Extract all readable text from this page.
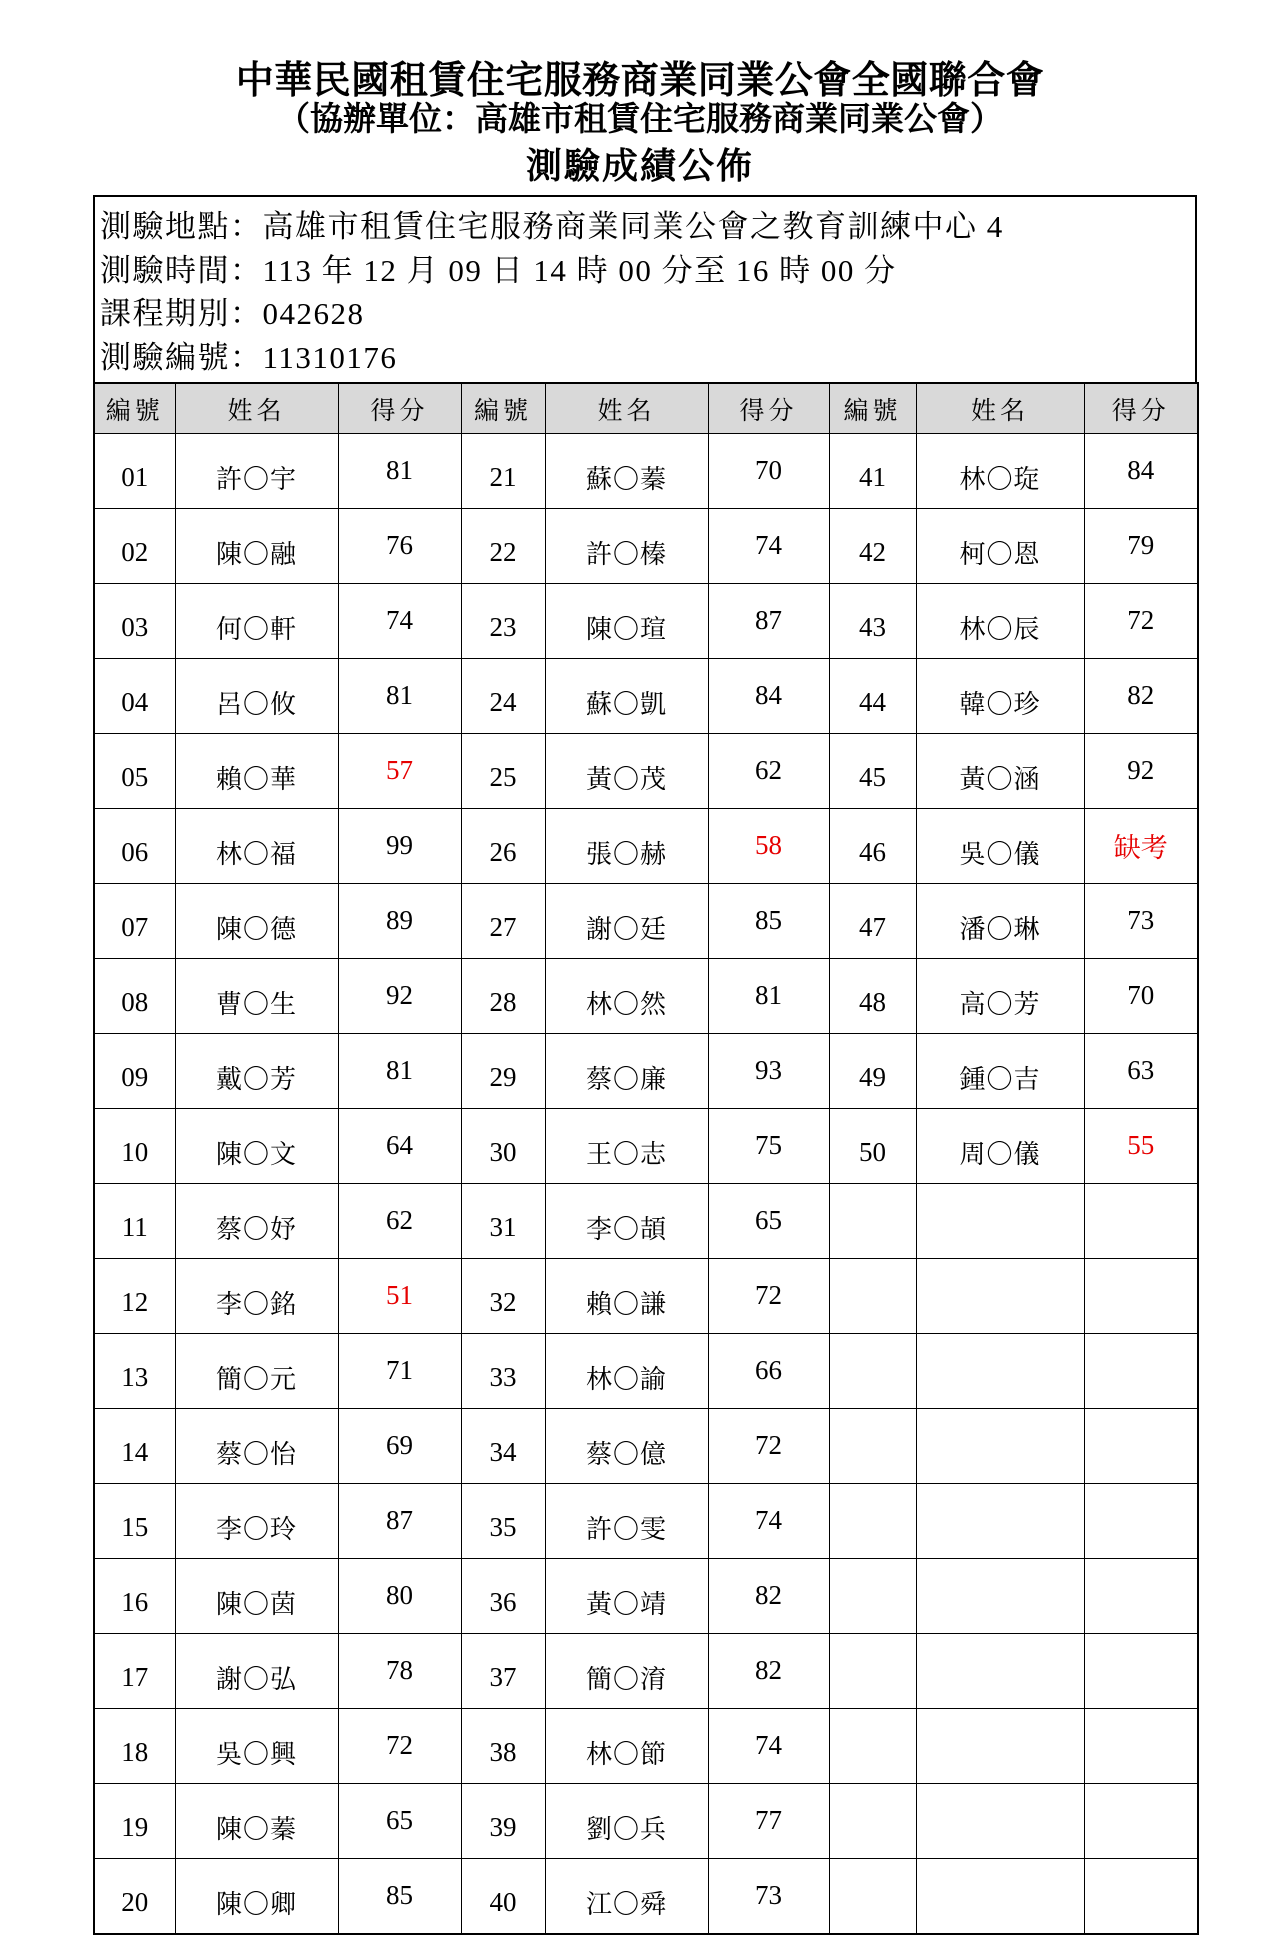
中華民國租賃住宅服務商業同業公會全國聯合會
（協辦單位：高雄市租賃住宅服務商業同業公會）
測驗成績公佈
測驗地點：高雄市租賃住宅服務商業同業公會之教育訓練中心 4
測驗時間：113 年 12 月 09 日 14 時 00 分至 16 時 00 分
課程期別：042628
測驗編號：11310176
編號	姓名	得分	編號	姓名	得分	編號	姓名	得分
01	許〇宇	81	21	蘇〇蓁	70	41	林〇琁	84
02	陳〇融	76	22	許〇榛	74	42	柯〇恩	79
03	何〇軒	74	23	陳〇瑄	87	43	林〇辰	72
04	呂〇攸	81	24	蘇〇凱	84	44	韓〇珍	82
05	賴〇華	57	25	黃〇茂	62	45	黃〇涵	92
06	林〇福	99	26	張〇赫	58	46	吳〇儀	缺考
07	陳〇德	89	27	謝〇廷	85	47	潘〇琳	73
08	曹〇生	92	28	林〇然	81	48	高〇芳	70
09	戴〇芳	81	29	蔡〇廉	93	49	鍾〇吉	63
10	陳〇文	64	30	王〇志	75	50	周〇儀	55
11	蔡〇妤	62	31	李〇頡	65			
12	李〇銘	51	32	賴〇謙	72			
13	簡〇元	71	33	林〇諭	66			
14	蔡〇怡	69	34	蔡〇億	72			
15	李〇玲	87	35	許〇雯	74			
16	陳〇茵	80	36	黃〇靖	82			
17	謝〇弘	78	37	簡〇淯	82			
18	吳〇興	72	38	林〇節	74			
19	陳〇蓁	65	39	劉〇兵	77			
20	陳〇卿	85	40	江〇舜	73			
